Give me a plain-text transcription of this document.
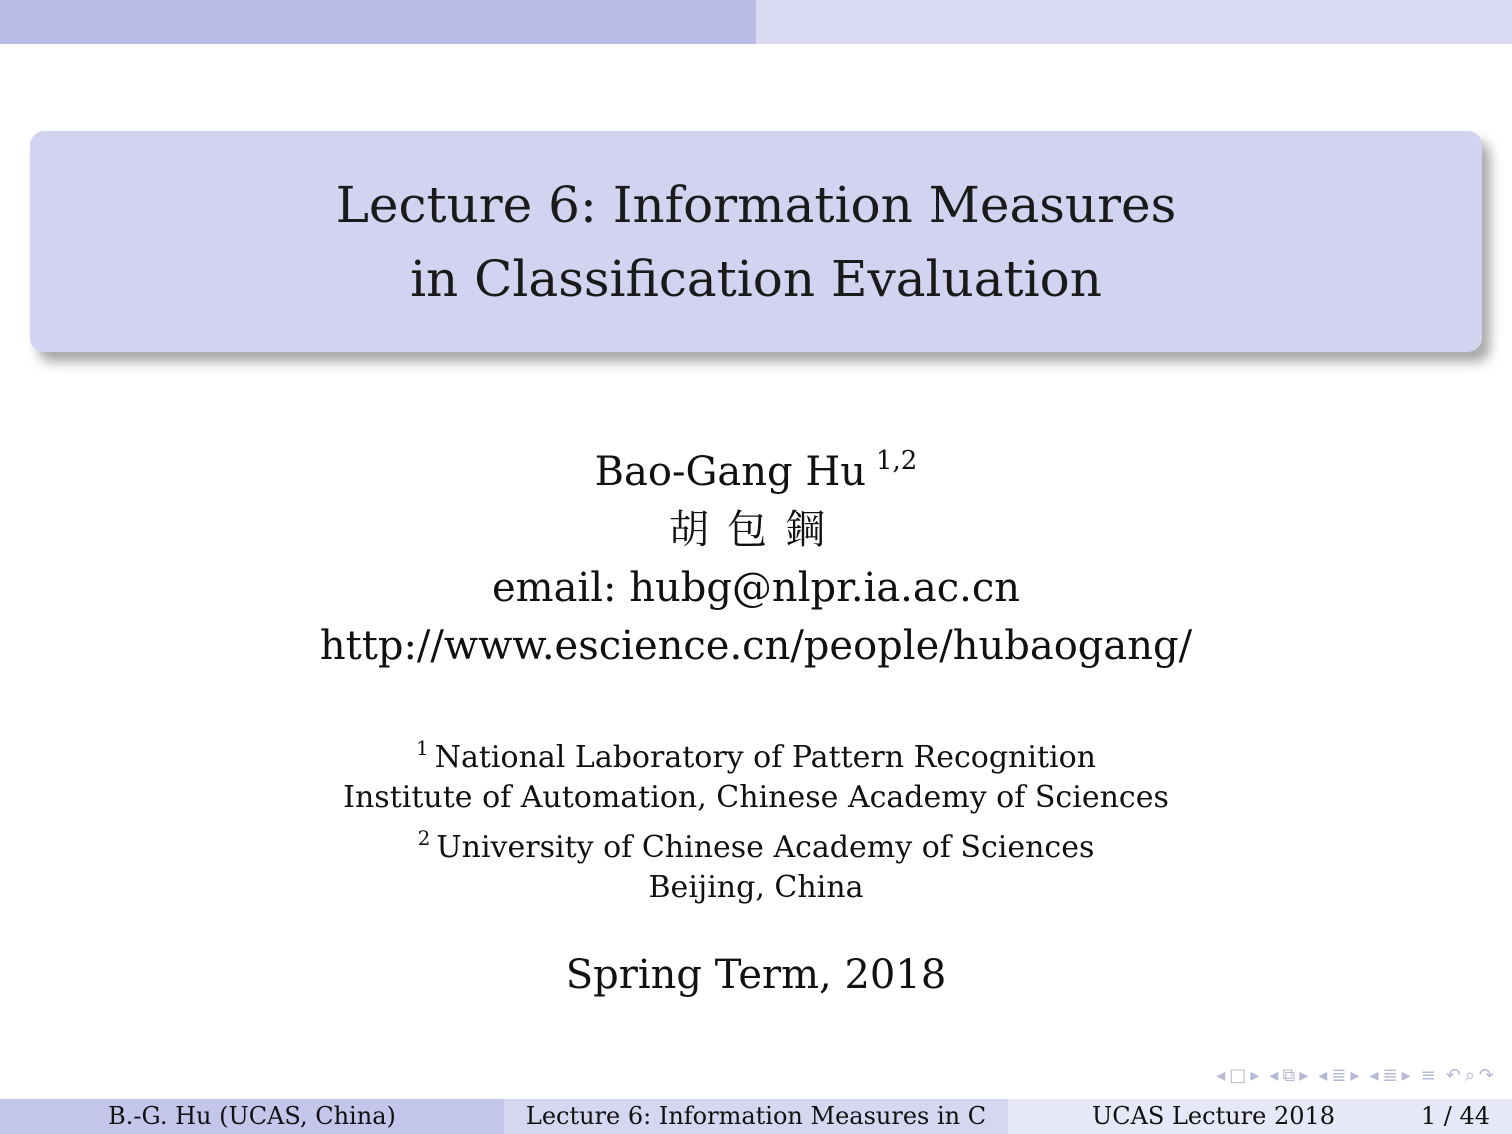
Lecture 6: Information Measures
in Classification Evaluation
Bao-Gang Hu $^{1,2}$
胡包鋼
email: hubg@nlpr.ia.ac.cn
http://www.escience.cn/people/hubaogang/
$^1$ National Laboratory of Pattern Recognition
Institute of Automation, Chinese Academy of Sciences
$^2$ University of Chinese Academy of Sciences
Beijing, China
Spring Term, 2018
◂ □ ▸ ◂ ⧉ ▸ ◂ ≣ ▸ ◂ ≣ ▸ ≡ ↶ ⌕ ↷
B.-G. Hu (UCAS, China)	Lecture 6: Information Measures in C	UCAS Lecture 2018	1 / 44
